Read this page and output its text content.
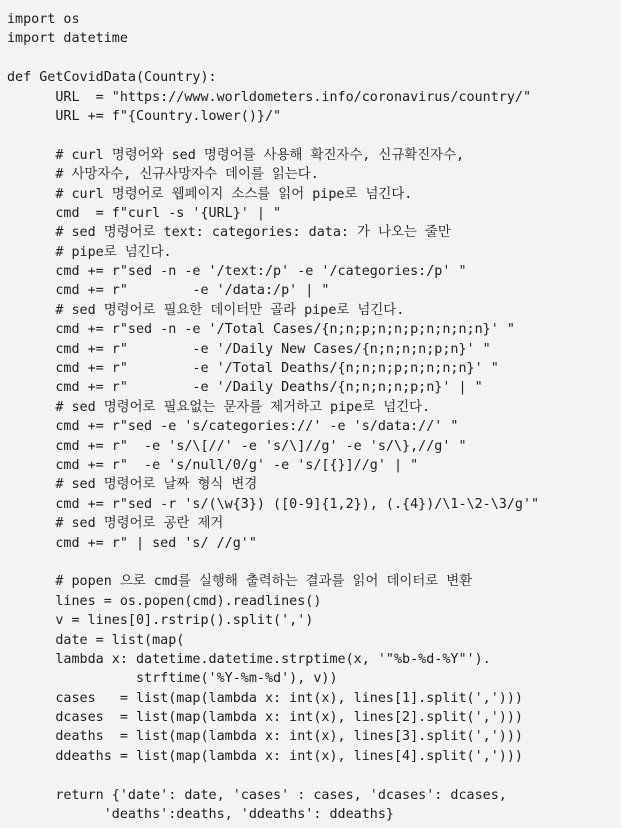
import os
import datetime
def GetCovidData(Country):
URL  = "https://www.worldometers.info/coronavirus/country/"
URL += f"{Country.lower()}/"
# curl 명령어와 sed 명령어를 사용해 확진자수, 신규확진자수,
# 사망자수, 신규사망자수 데이를 읽는다.
# curl 명령어로 웹페이지 소스를 읽어 pipe로 넘긴다.
cmd  = f"curl -s '{URL}' | "
# sed 명령어로 text: categories: data: 가 나오는 줄만
# pipe로 넘긴다.
cmd += r"sed -n -e '/text:/p' -e '/categories:/p' "
cmd += r"        -e '/data:/p' | "
# sed 명령어로 필요한 데이터만 골라 pipe로 넘긴다.
cmd += r"sed -n -e '/Total Cases/{n;n;p;n;n;p;n;n;n;n}' "
cmd += r"        -e '/Daily New Cases/{n;n;n;n;p;n}' "
cmd += r"        -e '/Total Deaths/{n;n;n;p;n;n;n;n}' "
cmd += r"        -e '/Daily Deaths/{n;n;n;n;p;n}' | "
# sed 명령어로 필요없는 문자를 제거하고 pipe로 넘긴다.
cmd += r"sed -e 's/categories://' -e 's/data://' "
cmd += r"  -e 's/\[//' -e 's/\]//g' -e 's/\},//g' "
cmd += r"  -e 's/null/0/g' -e 's/[{}]//g' | "
# sed 명령어로 날짜 형식 변경
cmd += r"sed -r 's/(\w{3}) ([0-9]{1,2}), (.{4})/\1-\2-\3/g'"
# sed 명령어로 공란 제거
cmd += r" | sed 's/ //g'"
# popen 으로 cmd를 실행해 출력하는 결과를 읽어 데이터로 변환
lines = os.popen(cmd).readlines()
v = lines[0].rstrip().split(',')
date = list(map(
lambda x: datetime.datetime.strptime(x, '"%b-%d-%Y"').
strftime('%Y-%m-%d'), v))
cases   = list(map(lambda x: int(x), lines[1].split(',')))
dcases  = list(map(lambda x: int(x), lines[2].split(',')))
deaths  = list(map(lambda x: int(x), lines[3].split(',')))
ddeaths = list(map(lambda x: int(x), lines[4].split(',')))
return {'date': date, 'cases' : cases, 'dcases': dcases,
'deaths':deaths, 'ddeaths': ddeaths}
